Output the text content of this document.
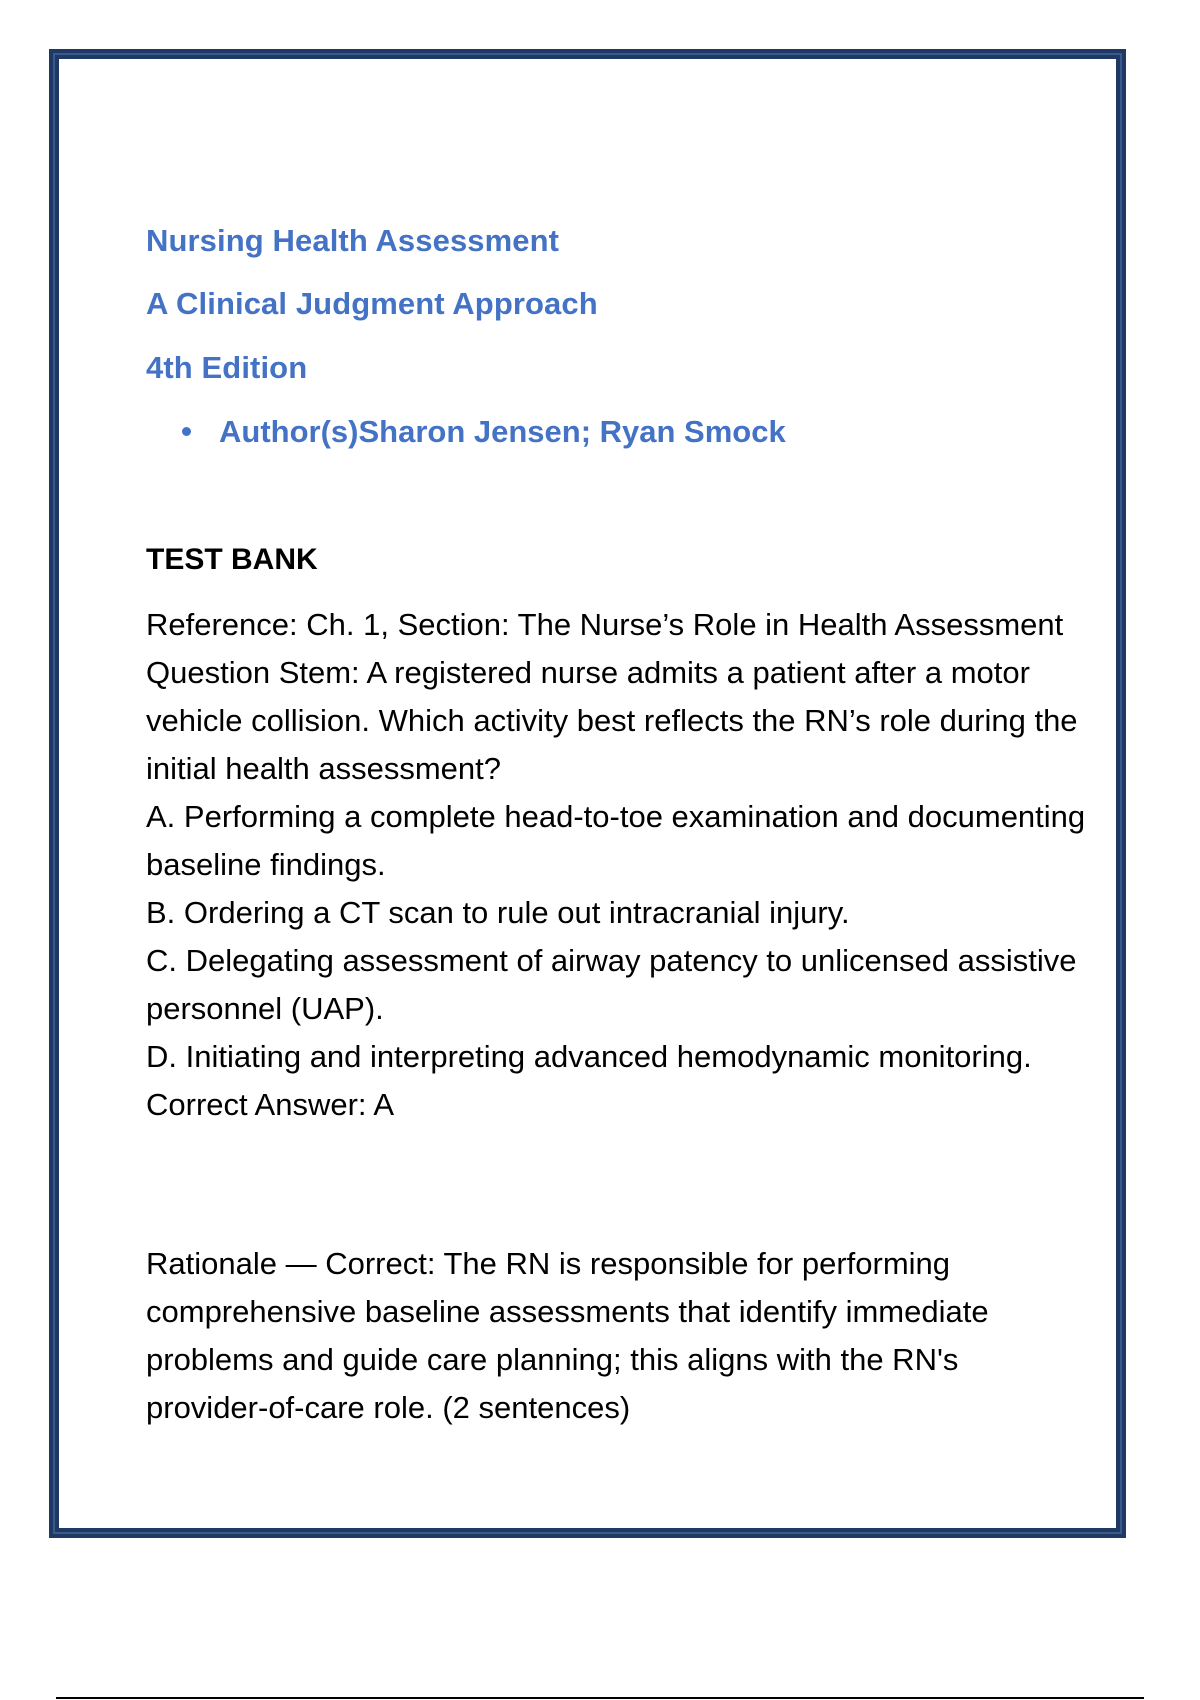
Nursing Health Assessment
A Clinical Judgment Approach
4th Edition
Author(s)Sharon Jensen; Ryan Smock
TEST BANK

Reference: Ch. 1, Section: The Nurse’s Role in Health Assessment

Question Stem: A registered nurse admits a patient after a motor vehicle collision. Which activity best reflects the RN’s role during the initial health assessment?

A. Performing a complete head-to-toe examination and documenting baseline findings.

B. Ordering a CT scan to rule out intracranial injury.

C. Delegating assessment of airway patency to unlicensed assistive personnel (UAP).

D. Initiating and interpreting advanced hemodynamic monitoring.

Correct Answer: A

Rationale — Correct: The RN is responsible for performing comprehensive baseline assessments that identify immediate problems and guide care planning; this aligns with the RN's provider-of-care role. (2 sentences)
